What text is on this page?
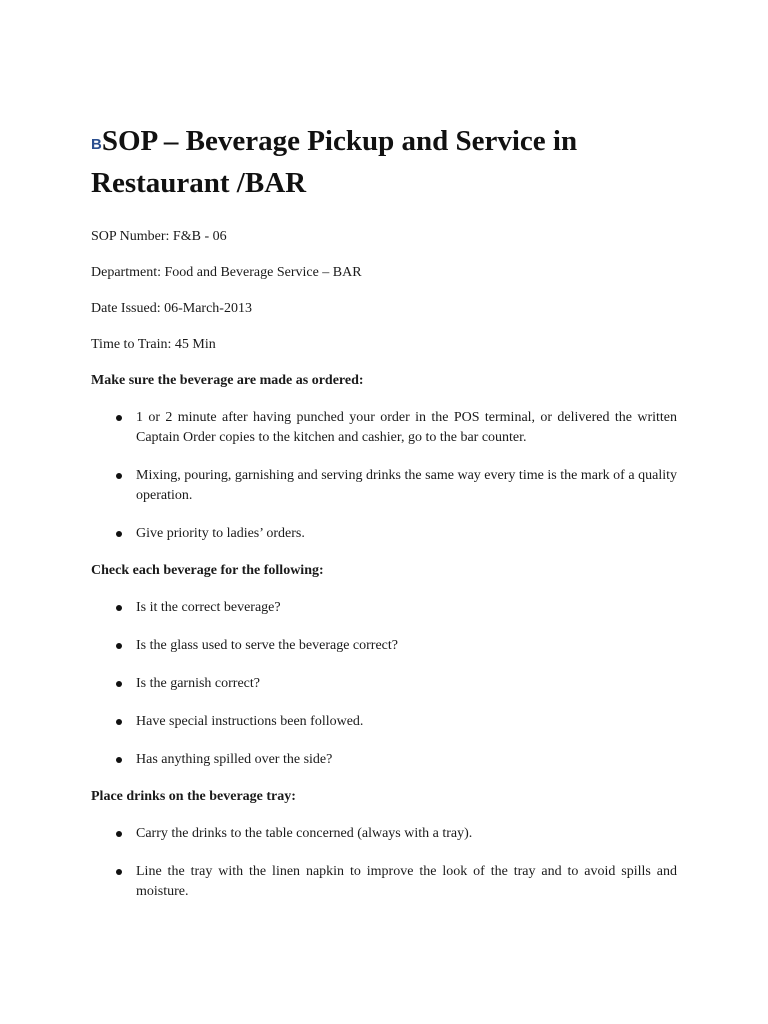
BSOP – Beverage Pickup and Service in Restaurant /BAR

SOP Number: F&B - 06

Department: Food and Beverage Service – BAR

Date Issued: 06-March-2013

Time to Train: 45 Min

Make sure the beverage are made as ordered:

1 or 2 minute after having punched your order in the POS terminal, or delivered the written Captain Order copies to the kitchen and cashier, go to the bar counter.
Mixing, pouring, garnishing and serving drinks the same way every time is the mark of a quality operation.
Give priority to ladies’ orders.

Check each beverage for the following:

Is it the correct beverage?
Is the glass used to serve the beverage correct?
Is the garnish correct?
Have special instructions been followed.
Has anything spilled over the side?

Place drinks on the beverage tray:

Carry the drinks to the table concerned (always with a tray).
Line the tray with the linen napkin to improve the look of the tray and to avoid spills and moisture.
